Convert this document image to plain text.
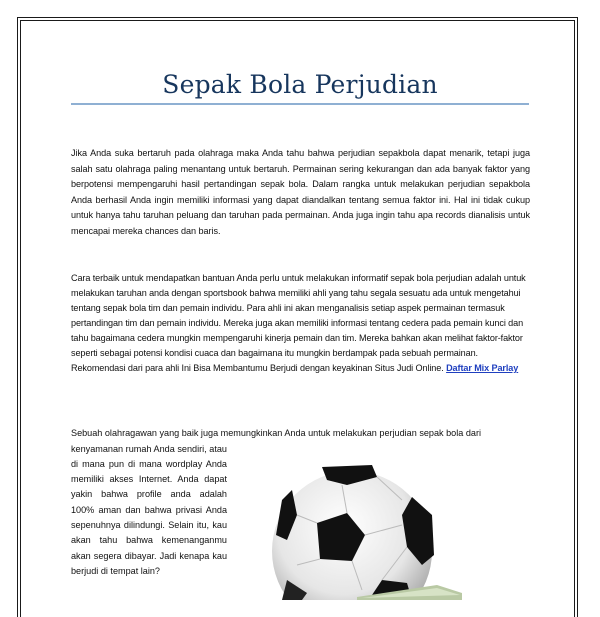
Sepak Bola Perjudian

Jika Anda suka bertaruh pada olahraga maka Anda tahu bahwa perjudian sepakbola dapat menarik, tetapi juga salah satu olahraga paling menantang untuk bertaruh. Permainan sering kekurangan dan ada banyak faktor yang berpotensi mempengaruhi hasil pertandingan sepak bola. Dalam rangka untuk melakukan perjudian sepakbola Anda berhasil Anda ingin memiliki informasi yang dapat diandalkan tentang semua faktor ini. Hal ini tidak cukup untuk hanya tahu taruhan peluang dan taruhan pada permainan. Anda juga ingin tahu apa records dianalisis untuk mencapai mereka chances dan baris.

Cara terbaik untuk mendapatkan bantuan Anda perlu untuk melakukan informatif sepak bola perjudian adalah untuk melakukan taruhan anda dengan sportsbook bahwa memiliki ahli yang tahu segala sesuatu ada untuk mengetahui tentang sepak bola tim dan pemain individu. Para ahli ini akan menganalisis setiap aspek permainan termasuk pertandingan tim dan pemain individu. Mereka juga akan memiliki informasi tentang cedera pada pemain kunci dan tahu bagaimana cedera mungkin mempengaruhi kinerja pemain dan tim. Mereka bahkan akan melihat faktor-faktor seperti sebagai potensi kondisi cuaca dan bagaimana itu mungkin berdampak pada sebuah permainan. Rekomendasi dari para ahli Ini Bisa Membantumu Berjudi dengan keyakinan Situs Judi Online. Daftar Mix Parlay

Sebuah olahragawan yang baik juga memungkinkan Anda untuk melakukan perjudian sepak bola dari

kenyamanan rumah Anda sendiri, atau di mana pun di mana wordplay Anda memiliki akses Internet. Anda dapat yakin bahwa profile anda adalah 100% aman dan bahwa privasi Anda sepenuhnya dilindungi. Selain itu, kau akan tahu bahwa kemenanganmu akan segera dibayar. Jadi kenapa kau berjudi di tempat lain?
